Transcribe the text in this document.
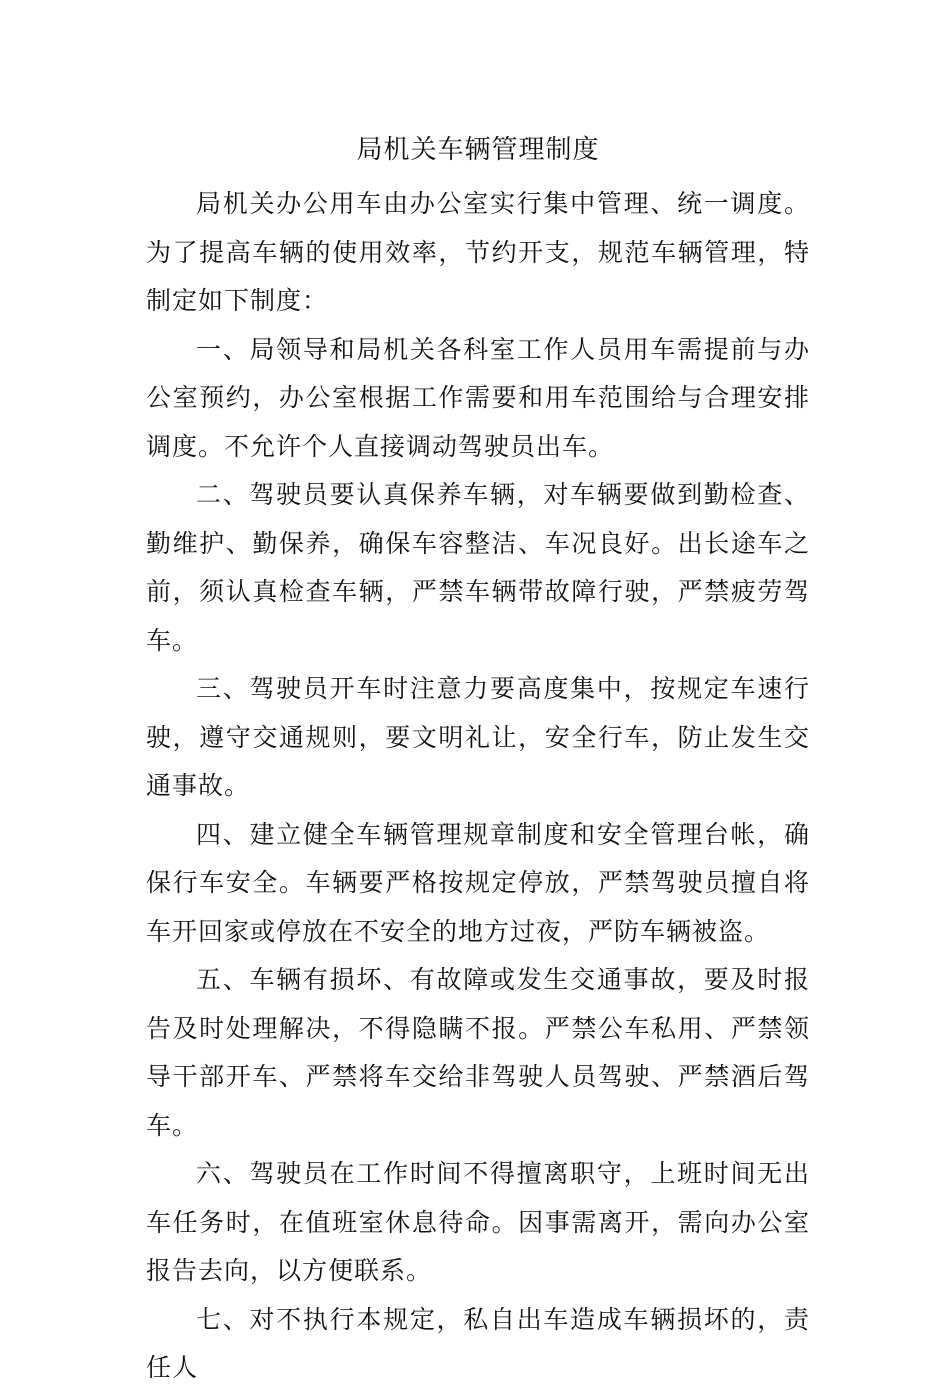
局机关车辆管理制度

局机关办公用车由办公室实行集中管理、统一调度。为了提高车辆的使用效率，节约开支，规范车辆管理，特制定如下制度：

一、局领导和局机关各科室工作人员用车需提前与办公室预约，办公室根据工作需要和用车范围给与合理安排调度。不允许个人直接调动驾驶员出车。

二、驾驶员要认真保养车辆，对车辆要做到勤检查、勤维护、勤保养，确保车容整洁、车况良好。出长途车之前，须认真检查车辆，严禁车辆带故障行驶，严禁疲劳驾车。

三、驾驶员开车时注意力要高度集中，按规定车速行驶，遵守交通规则，要文明礼让，安全行车，防止发生交通事故。

四、建立健全车辆管理规章制度和安全管理台帐，确保行车安全。车辆要严格按规定停放，严禁驾驶员擅自将车开回家或停放在不安全的地方过夜，严防车辆被盗。

五、车辆有损坏、有故障或发生交通事故，要及时报告及时处理解决，不得隐瞒不报。严禁公车私用、严禁领导干部开车、严禁将车交给非驾驶人员驾驶、严禁酒后驾车。

六、驾驶员在工作时间不得擅离职守，上班时间无出车任务时，在值班室休息待命。因事需离开，需向办公室报告去向，以方便联系。

七、对不执行本规定，私自出车造成车辆损坏的，责任人
